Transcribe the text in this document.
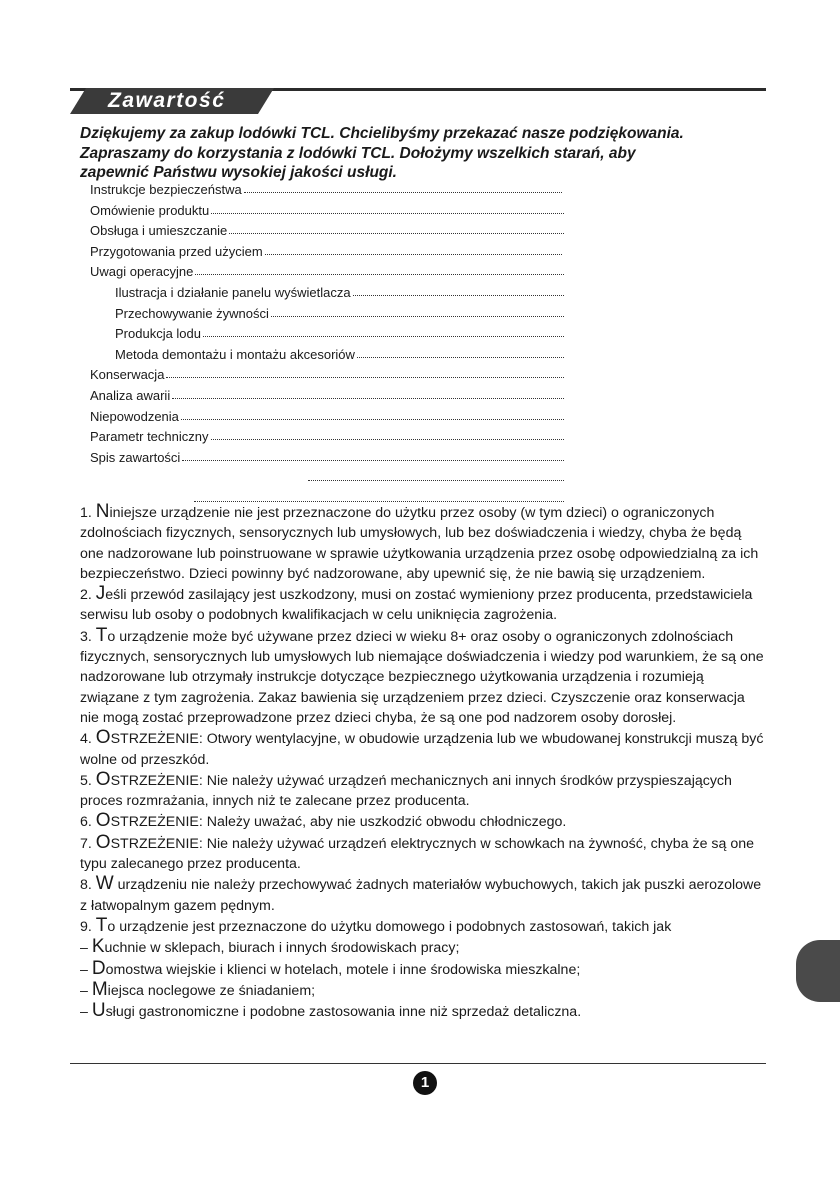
Zawartość

Dziękujemy za zakup lodówki TCL. Chcielibyśmy przekazać nasze podziękowania.

Zapraszamy do korzystania z lodówki TCL. Dołożymy wszelkich starań, aby

zapewnić Państwu wysokiej jakości usługi.

Instrukcje bezpieczeństwa
Omówienie produktu
Obsługa i umieszczanie
Przygotowania przed użyciem
Uwagi operacyjne
Ilustracja i działanie panelu wyświetlacza
Przechowywanie żywności
Produkcja lodu
Metoda demontażu i montażu akcesoriów
Konserwacja
Analiza awarii
Niepowodzenia
Parametr techniczny
Spis zawartości

1. Niniejsze urządzenie nie jest przeznaczone do użytku przez osoby (w tym dzieci) o ograniczonych zdolnościach fizycznych, sensorycznych lub umysłowych, lub bez doświadczenia i wiedzy, chyba że będą one nadzorowane lub poinstruowane w sprawie użytkowania urządzenia przez osobę odpowiedzialną za ich bezpieczeństwo. Dzieci powinny być nadzorowane, aby upewnić się, że nie bawią się urządzeniem.

2. Jeśli przewód zasilający jest uszkodzony, musi on zostać wymieniony przez producenta, przedstawiciela serwisu lub osoby o podobnych kwalifikacjach w celu uniknięcia zagrożenia.

3. To urządzenie może być używane przez dzieci w wieku 8+ oraz osoby o ograniczonych zdolnościach fizycznych, sensorycznych lub umysłowych lub niemające doświadczenia i wiedzy pod warunkiem, że są one nadzorowane lub otrzymały instrukcje dotyczące bezpiecznego użytkowania urządzenia i rozumieją związane z tym zagrożenia. Zakaz bawienia się urządzeniem przez dzieci. Czyszczenie oraz konserwacja nie mogą zostać przeprowadzone przez dzieci chyba, że są one pod nadzorem osoby dorosłej.

4. OSTRZEŻENIE: Otwory wentylacyjne, w obudowie urządzenia lub we wbudowanej konstrukcji muszą być wolne od przeszkód.

5. OSTRZEŻENIE: Nie należy używać urządzeń mechanicznych ani innych środków przyspieszających proces rozmrażania, innych niż te zalecane przez producenta.

6. OSTRZEŻENIE: Należy uważać, aby nie uszkodzić obwodu chłodniczego.

7. OSTRZEŻENIE: Nie należy używać urządzeń elektrycznych w schowkach na żywność, chyba że są one typu zalecanego przez producenta.

8. W urządzeniu nie należy przechowywać żadnych materiałów wybuchowych, takich jak puszki aerozolowe z łatwopalnym gazem pędnym.

9. To urządzenie jest przeznaczone do użytku domowego i podobnych zastosowań, takich jak

– Kuchnie w sklepach, biurach i innych środowiskach pracy;

– Domostwa wiejskie i klienci w hotelach, motele i inne środowiska mieszkalne;

– Miejsca noclegowe ze śniadaniem;

– Usługi gastronomiczne i podobne zastosowania inne niż sprzedaż detaliczna.

1
